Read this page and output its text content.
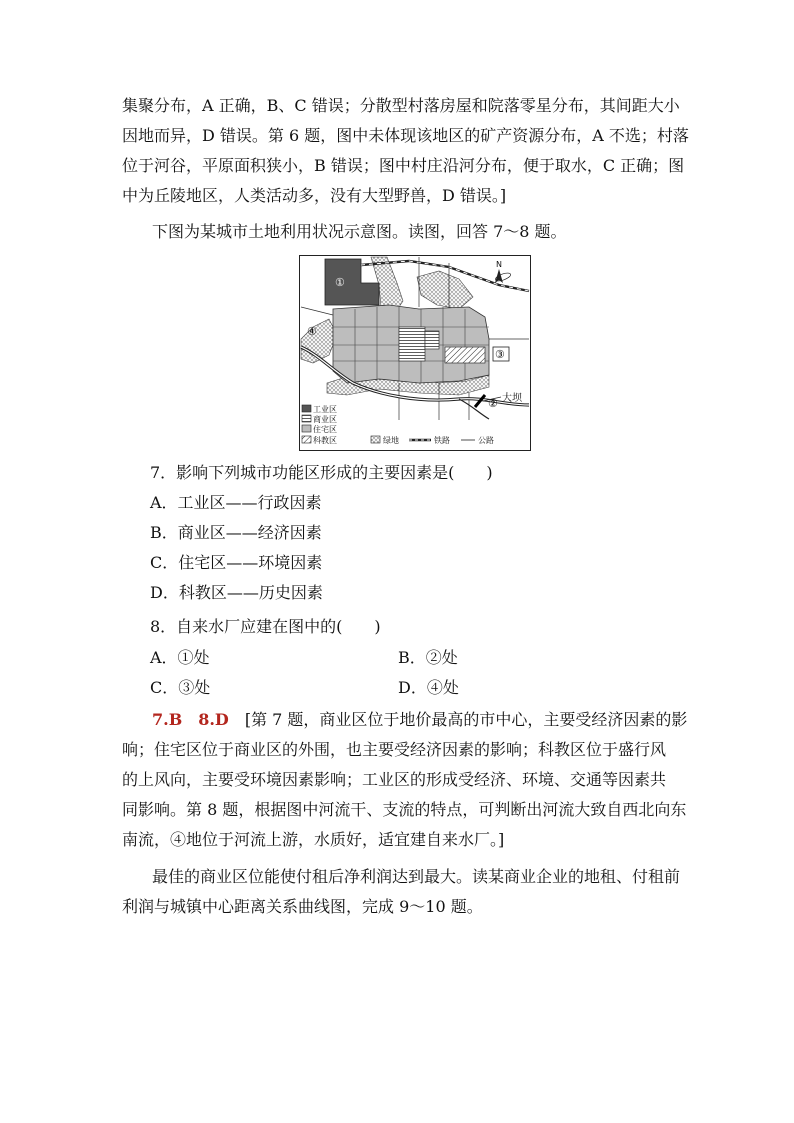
集聚分布，A 正确，B、C 错误；分散型村落房屋和院落零星分布，其间距大小
因地而异，D 错误。第 6 题，图中未体现该地区的矿产资源分布，A 不选；村落
位于河谷，平原面积狭小，B 错误；图中村庄沿河分布，便于取水，C 正确；图
中为丘陵地区，人类活动多，没有大型野兽，D 错误。]
下图为某城市土地利用状况示意图。读图，回答 7～8 题。
大坝
N
①
②
③
④
工业区
商业区
住宅区
科教区	绿地	铁路	公路
7．影响下列城市功能区形成的主要因素是(　　)
A．工业区——行政因素
B．商业区——经济因素
C．住宅区——环境因素
D．科教区——历史因素
8．自来水厂应建在图中的(　　)
A．①处	B．②处
C．③处	D．④处
7.B　8.D　 [第 7 题，商业区位于地价最高的市中心，主要受经济因素的影
响；住宅区位于商业区的外围，也主要受经济因素的影响；科教区位于盛行风
的上风向，主要受环境因素影响；工业区的形成受经济、环境、交通等因素共
同影响。第 8 题，根据图中河流干、支流的特点，可判断出河流大致自西北向东
南流，④地位于河流上游，水质好，适宜建自来水厂。]
最佳的商业区位能使付租后净利润达到最大。读某商业企业的地租、付租前
利润与城镇中心距离关系曲线图，完成 9～10 题。
